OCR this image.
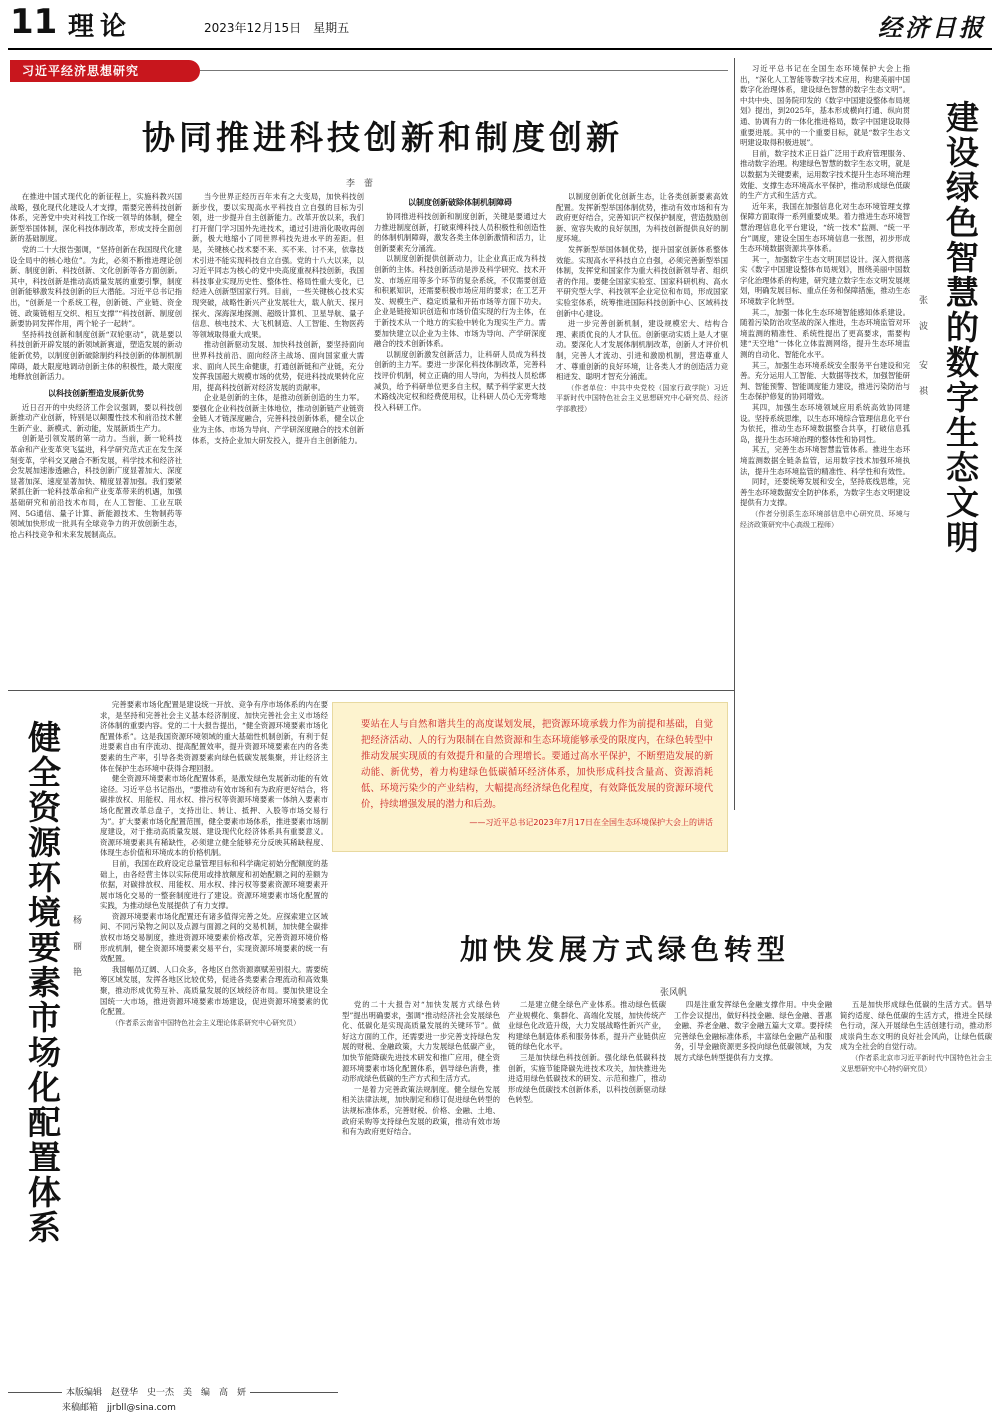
11 理论	2023年12月15日　星期五	经济日报
习近平经济思想研究
协同推进科技创新和制度创新
李　蕾

在推进中国式现代化的新征程上，实施科教兴国战略，强化现代化建设人才支撑，需要完善科技创新体系，完善党中央对科技工作统一领导的体制，健全新型举国体制，深化科技体制改革，形成支持全面创新的基础制度。

党的二十大报告强调，“坚持创新在我国现代化建设全局中的核心地位”。为此，必须不断推进理论创新、制度创新、科技创新、文化创新等各方面创新。其中，科技创新是推动高质量发展的重要引擎，制度创新能够激发科技创新的巨大潜能。习近平总书记指出，“创新是一个系统工程，创新链、产业链、资金链、政策链相互交织、相互支撑”“科技创新、制度创新要协同发挥作用，两个轮子一起转”。

坚持科技创新和制度创新“双轮驱动”，就是要以科技创新开辟发展的新领域新赛道，塑造发展的新动能新优势，以制度创新破除制约科技创新的体制机制障碍，最大限度地调动创新主体的积极性，最大限度地释放创新活力。

以科技创新塑造发展新优势

近日召开的中央经济工作会议强调，要以科技创新推动产业创新，特别是以颠覆性技术和前沿技术催生新产业、新模式、新动能，发展新质生产力。

创新是引领发展的第一动力。当前，新一轮科技革命和产业变革突飞猛进，科学研究范式正在发生深刻变革，学科交叉融合不断发展，科学技术和经济社会发展加速渗透融合，科技创新广度显著加大、深度显著加深、速度显著加快、精度显著加强。我们要紧紧抓住新一轮科技革命和产业变革带来的机遇，加强基础研究和前沿技术布局，在人工智能、工业互联网、5G通信、量子计算、新能源技术、生物制药等领域加快形成一批具有全球竞争力的开放创新生态，抢占科技竞争和未来发展制高点。

当今世界正经历百年未有之大变局，加快科技创新步伐，要以实现高水平科技自立自强的目标为引领，进一步提升自主创新能力。改革开放以来，我们打开窗门学习国外先进技术，通过引进消化吸收再创新，极大地缩小了同世界科技先进水平的差距。但是，关键核心技术要不来、买不来、讨不来，依靠技术引进不能实现科技自立自强。党的十八大以来，以习近平同志为核心的党中央高度重视科技创新，我国科技事业实现历史性、整体性、格局性重大变化，已经进入创新型国家行列。目前，一些关键核心技术实现突破，战略性新兴产业发展壮大，载人航天、探月探火、深海深地探测、超级计算机、卫星导航、量子信息、核电技术、大飞机制造、人工智能、生物医药等领域取得重大成果。

推动创新驱动发展、加快科技创新，要坚持面向世界科技前沿、面向经济主战场、面向国家重大需求、面向人民生命健康，打通创新链和产业链，充分发挥我国超大规模市场的优势，促进科技成果转化应用，提高科技创新对经济发展的贡献率。

企业是创新的主体，是推动创新创造的生力军。要强化企业科技创新主体地位，推动创新链产业链资金链人才链深度融合，完善科技创新体系，健全以企业为主体、市场为导向、产学研深度融合的技术创新体系，支持企业加大研发投入，提升自主创新能力。

以制度创新破除体制机制障碍

协同推进科技创新和制度创新，关键是要通过大力推进制度创新，打破束缚科技人员积极性和创造性的体制机制障碍，激发各类主体创新激情和活力，让创新要素充分涌流。

以制度创新提供创新动力，让企业真正成为科技创新的主体。科技创新活动是涉及科学研究、技术开发、市场应用等多个环节的复杂系统，不仅需要创造和积累知识，还需要积极市场应用的要求；在工艺开发、规模生产、稳定质量和开拓市场等方面下功夫。企业是链接知识创造和市场价值实现的行为主体，在于新技术从一个地方的实验中转化为现实生产力。需要加快建立以企业为主体、市场为导向、产学研深度融合的技术创新体系。

以制度创新激发创新活力，让科研人员成为科技创新的主力军。要进一步深化科技体制改革，完善科技评价机制，树立正确的用人导向，为科技人员松绑减负，给予科研单位更多自主权，赋予科学家更大技术路线决定权和经费使用权，让科研人员心无旁骛地投入科研工作。

以制度创新优化创新生态，让各类创新要素高效配置。发挥新型举国体制优势，推动有效市场和有为政府更好结合，完善知识产权保护制度，营造鼓励创新、宽容失败的良好氛围，为科技创新提供良好的制度环境。

发挥新型举国体制优势，提升国家创新体系整体效能。实现高水平科技自立自强，必须完善新型举国体制，发挥党和国家作为重大科技创新领导者、组织者的作用。要健全国家实验室、国家科研机构、高水平研究型大学、科技领军企业定位和布局，形成国家实验室体系，统筹推进国际科技创新中心、区域科技创新中心建设。

进一步完善创新机制，建设规模宏大、结构合理、素质优良的人才队伍。创新驱动实质上是人才驱动。要深化人才发展体制机制改革，创新人才评价机制，完善人才流动、引进和激励机制，营造尊重人才、尊重创新的良好环境，让各类人才的创造活力竞相迸发、聪明才智充分涌流。

（作者单位：中共中央党校（国家行政学院）习近平新时代中国特色社会主义思想研究中心研究员、经济学部教授）

习近平总书记在全国生态环境保护大会上指出，“深化人工智能等数字技术应用，构建美丽中国数字化治理体系，建设绿色智慧的数字生态文明”。中共中央、国务院印发的《数字中国建设整体布局规划》提出，到2025年，基本形成横向打通、纵向贯通、协调有力的一体化推进格局，数字中国建设取得重要进展。其中的一个重要目标，就是“数字生态文明建设取得积极进展”。

目前，数字技术正日益广泛用于政府管理服务、推动数字治理。构建绿色智慧的数字生态文明，就是以数据为关键要素，运用数字技术提升生态环境治理效能、支撑生态环境高水平保护，推动形成绿色低碳的生产方式和生活方式。

近年来，我国在加强信息化对生态环境管理支撑保障方面取得一系列重要成果。着力推进生态环境智慧治理信息化平台建设，“统一技术”监测、“统一平台”调度，建设全国生态环境信息一张图，初步形成生态环境数据资源共享体系。

其一，加强数字生态文明顶层设计。深入贯彻落实《数字中国建设整体布局规划》，围绕美丽中国数字化治理体系的构建，研究建立数字生态文明发展规划，明确发展目标、重点任务和保障措施，推动生态环境数字化转型。

其二，加强一体化生态环境智能感知体系建设。随着污染防治攻坚战的深入推进，生态环境监管对环境监测的精准性、系统性提出了更高要求，需要构建“天空地”一体化立体监测网络，提升生态环境监测的自动化、智能化水平。

其三，加强生态环境系统安全服务平台建设和完善。充分运用人工智能、大数据等技术，加强智能研判、智能预警、智能调度能力建设，推进污染防治与生态保护修复的协同增效。

其四，加强生态环境领域应用系统高效协同建设。坚持系统思维，以生态环境综合管理信息化平台为依托，推动生态环境数据整合共享，打破信息孤岛，提升生态环境治理的整体性和协同性。

其五，完善生态环境智慧监管体系。推进生态环境监测数据全链条监管，运用数字技术加强环境执法，提升生态环境监管的精准性、科学性和有效性。

同时，还要统筹发展和安全，坚持底线思维，完善生态环境数据安全防护体系，为数字生态文明建设提供有力支撑。

（作者分别系生态环境部信息中心研究员、环境与经济政策研究中心高级工程师）	建设绿色智慧的数字生态文明
张　波　　安　祺
健全资源环境要素市场化配置体系 杨　丽　艳

完善要素市场化配置是建设统一开放、竞争有序市场体系的内在要求，是坚持和完善社会主义基本经济制度、加快完善社会主义市场经济体制的重要内容。党的二十大报告提出，“健全资源环境要素市场化配置体系”。这是我国资源环境领域的重大基础性机制创新，有利于促进要素自由有序流动、提高配置效率，提升资源环境要素在内的各类要素的生产率，引导各类资源要素向绿色低碳发展集聚，并让经济主体在保护生态环境中获得合理回报。

健全资源环境要素市场化配置体系，是激发绿色发展新动能的有效途径。习近平总书记指出，“要推动有效市场和有为政府更好结合，将碳排放权、用能权、用水权、排污权等资源环境要素一体纳入要素市场化配置改革总盘子，支持出让、转让、抵押、入股等市场交易行为”。扩大要素市场化配置范围，健全要素市场体系，推进要素市场制度建设，对于推动高质量发展、建设现代化经济体系具有重要意义。资源环境要素具有稀缺性，必须建立健全能够充分反映其稀缺程度、体现生态价值和环境成本的价格机制。

目前，我国在政府设定总量管理目标和科学确定初始分配额度的基础上，由各经营主体以实际使用或排放额度和初始配额之间的差额为依据，对碳排放权、用能权、用水权、排污权等要素资源环境要素开展市场化交易的一整套制度进行了建设。资源环境要素市场化配置的实践，为推动绿色发展提供了有力支撑。

资源环境要素市场化配置还有诸多值得完善之处。应探索建立区域间、不同污染物之间以及点源与面源之间的交易机制，加快健全碳排放权市场交易制度，推进资源环境要素价格改革，完善资源环境价格形成机制，健全资源环境要素交易平台，实现资源环境要素的统一有效配置。

我国幅员辽阔、人口众多，各地区自然资源禀赋差别很大。需要统筹区域发展，发挥各地区比较优势，促进各类要素合理流动和高效集聚，推动形成优势互补、高质量发展的区域经济布局。要加快建设全国统一大市场，推进资源环境要素市场建设，促进资源环境要素的优化配置。

（作者系云南省中国特色社会主义理论体系研究中心研究员）

要站在人与自然和谐共生的高度谋划发展，把资源环境承载力作为前提和基础，自觉把经济活动、人的行为限制在自然资源和生态环境能够承受的限度内，在绿色转型中推动发展实现质的有效提升和量的合理增长。要通过高水平保护，不断塑造发展的新动能、新优势，着力构建绿色低碳循环经济体系，加快形成科技含量高、资源消耗低、环境污染少的产业结构，大幅提高经济绿色化程度，有效降低发展的资源环境代价，持续增强发展的潜力和后劲。

——习近平总书记2023年7月17日在全国生态环境保护大会上的讲话

加快发展方式绿色转型
张风帆

党的二十大报告对“加快发展方式绿色转型”提出明确要求，强调“推动经济社会发展绿色化、低碳化是实现高质量发展的关键环节”。做好这方面的工作，还需要进一步完善支持绿色发展的财税、金融政策，大力发展绿色低碳产业，加快节能降碳先进技术研发和推广应用，健全资源环境要素市场化配置体系，倡导绿色消费，推动形成绿色低碳的生产方式和生活方式。

一是着力完善政策法规制度。健全绿色发展相关法律法规，加快制定和修订促进绿色转型的法规标准体系，完善财税、价格、金融、土地、政府采购等支持绿色发展的政策，推动有效市场和有为政府更好结合。

二是建立健全绿色产业体系。推动绿色低碳产业规模化、集群化、高端化发展，加快传统产业绿色化改造升级，大力发展战略性新兴产业，构建绿色制造体系和服务体系，提升产业链供应链的绿色化水平。

三是加快绿色科技创新。强化绿色低碳科技创新，实施节能降碳先进技术攻关，加快推进先进适用绿色低碳技术的研发、示范和推广，推动形成绿色低碳技术创新体系，以科技创新驱动绿色转型。

四是注重发挥绿色金融支撑作用。中央金融工作会议提出，做好科技金融、绿色金融、普惠金融、养老金融、数字金融五篇大文章。要持续完善绿色金融标准体系，丰富绿色金融产品和服务，引导金融资源更多投向绿色低碳领域，为发展方式绿色转型提供有力支撑。

五是加快形成绿色低碳的生活方式。倡导简约适度、绿色低碳的生活方式，推进全民绿色行动，深入开展绿色生活创建行动，推动形成崇尚生态文明的良好社会风尚，让绿色低碳成为全社会的自觉行动。

（作者系北京市习近平新时代中国特色社会主义思想研究中心特约研究员）

本版编辑　赵登华　史一杰　美　编　高　妍
来稿邮箱　jjrbll@sina.com
